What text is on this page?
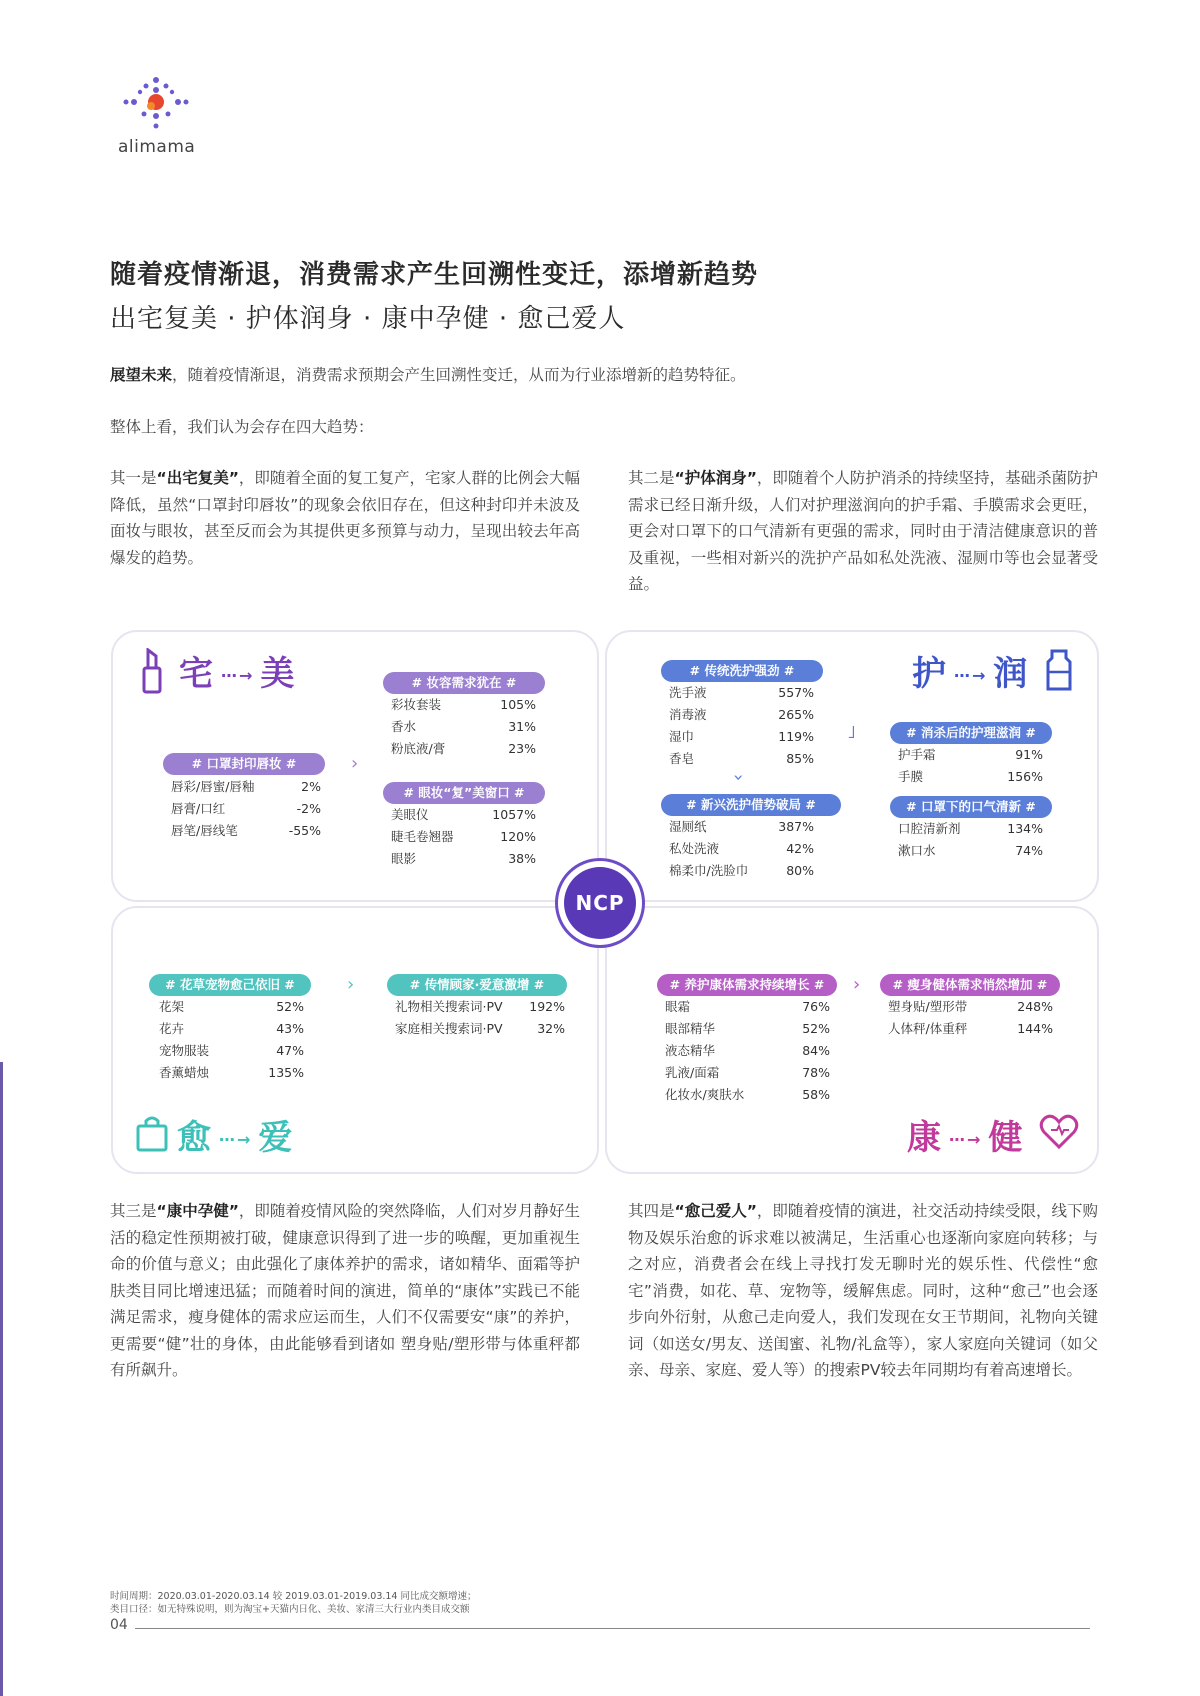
alimama
随着疫情渐退，消费需求产生回溯性变迁，添增新趋势
出宅复美 · 护体润身 · 康中孕健 · 愈己爱人
展望未来，随着疫情渐退，消费需求预期会产生回溯性变迁，从而为行业添增新的趋势特征。
整体上看，我们认为会存在四大趋势：
其一是“出宅复美”，即随着全面的复工复产，宅家人群的比例会大幅降低，虽然“口罩封印唇妆”的现象会依旧存在，但这种封印并未波及面妆与眼妆，甚至反而会为其提供更多预算与动力，呈现出较去年高爆发的趋势。
其二是“护体润身”，即随着个人防护消杀的持续坚持，基础杀菌防护需求已经日渐升级，人们对护理滋润向的护手霜、手膜需求会更旺，更会对口罩下的口气清新有更强的需求，同时由于清洁健康意识的普及重视，一些相对新兴的洗护产品如私处洗液、湿厕巾等也会显著受益。
宅 ⋯→ 美
# 口罩封印唇妆 #
唇彩/唇蜜/唇釉	2%
唇膏/口红	-2%
唇笔/唇线笔	-55%
›
# 妆容需求犹在 #
彩妆套装	105%
香水	31%
粉底液/膏	23%
# 眼妆“复”美窗口 #
美眼仪	1057%
睫毛卷翘器	120%
眼影	38%
护 ⋯→ 润
# 传统洗护强劲 #
洗手液	557%
消毒液	265%
湿巾	119%
香皂	85%
›
˩
# 新兴洗护借势破局 #
湿厕纸	387%
私处洗液	42%
棉柔巾/洗脸巾	80%
# 消杀后的护理滋润 #
护手霜	91%
手膜	156%
# 口罩下的口气清新 #
口腔清新剂	134%
漱口水	74%
# 花草宠物愈己依旧 #
花架	52%
花卉	43%
宠物服装	47%
香薰蜡烛	135%
›	# 传情顾家·爱意激增 #
礼物相关搜索词·PV 192%
家庭相关搜索词·PV	32%
愈 ⋯→ 爱
# 养护康体需求持续增长 #
眼霜	76%
眼部精华	52%
液态精华	84%
乳液/面霜	78%
化妆水/爽肤水	58%
›	# 瘦身健体需求悄然增加 #
塑身贴/塑形带	248%
人体秤/体重秤	144%
康 ⋯→ 健
NCP
其三是“康中孕健”，即随着疫情风险的突然降临，人们对岁月静好生活的稳定性预期被打破，健康意识得到了进一步的唤醒，更加重视生命的价值与意义；由此强化了康体养护的需求，诸如精华、面霜等护肤类目同比增速迅猛；而随着时间的演进，简单的“康体”实践已不能满足需求，瘦身健体的需求应运而生，人们不仅需要安“康”的养护，更需要“健”壮的身体，由此能够看到诸如 塑身贴/塑形带与体重秤都有所飙升。
其四是“愈己爱人”，即随着疫情的演进，社交活动持续受限，线下购物及娱乐治愈的诉求难以被满足，生活重心也逐渐向家庭向转移；与之对应，消费者会在线上寻找打发无聊时光的娱乐性、代偿性“愈宅”消费，如花、草、宠物等，缓解焦虑。同时，这种“愈己”也会逐步向外衍射，从愈己走向爱人，我们发现在女王节期间，礼物向关键词（如送女/男友、送闺蜜、礼物/礼盒等），家人家庭向关键词（如父亲、母亲、家庭、爱人等）的搜索PV较去年同期均有着高速增长。
时间周期：2020.03.01-2020.03.14 较 2019.03.01-2019.03.14 同比成交额增速；
类目口径：如无特殊说明，则为淘宝+天猫内日化、美妆、家清三大行业内类目成交额
04
